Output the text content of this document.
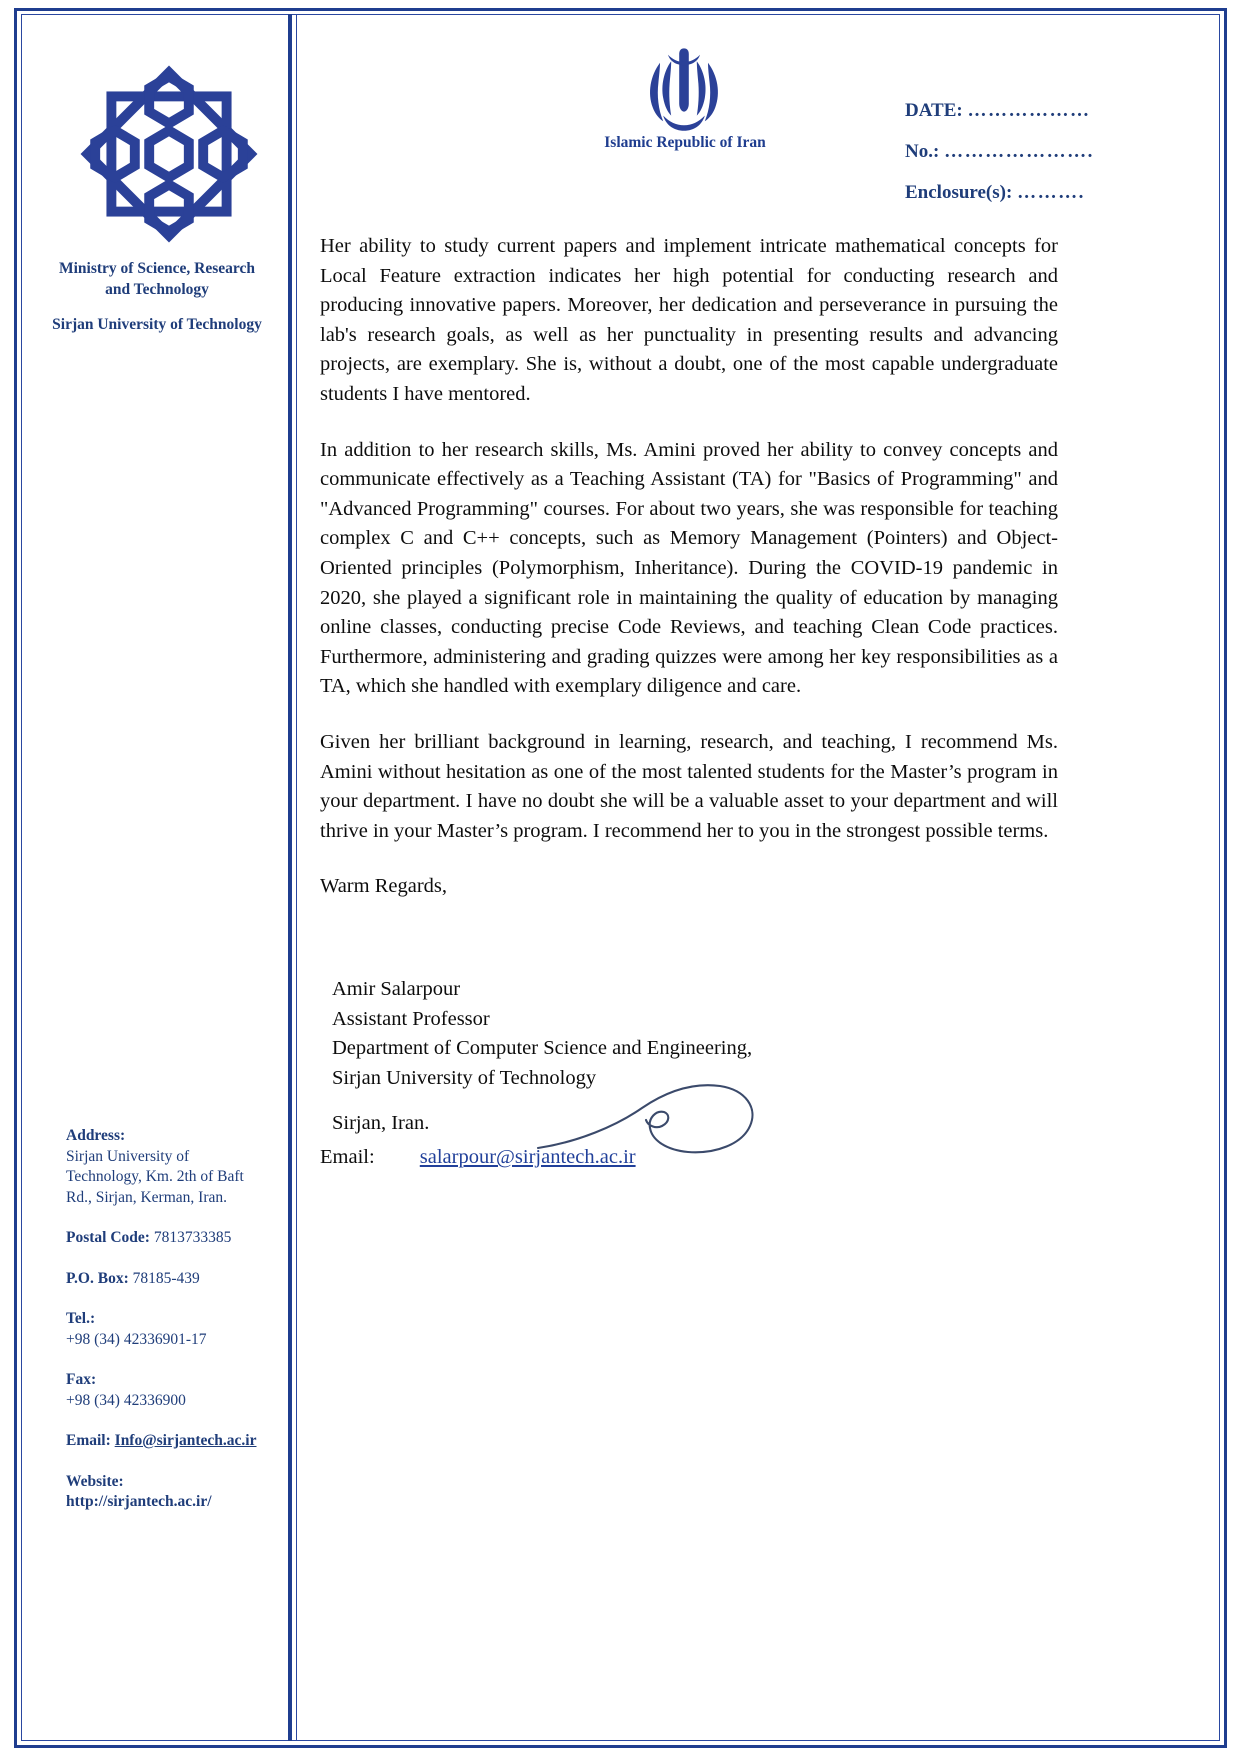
Ministry of Science, Research
and Technology
Sirjan University of Technology
Address:
Sirjan University of
Technology, Km. 2th of Baft
Rd., Sirjan, Kerman, Iran.
Postal Code: 7813733385
P.O. Box: 78185-439
Tel.:
+98 (34) 42336901-17
Fax:
+98 (34) 42336900
Email: Info@sirjantech.ac.ir
Website:
http://sirjantech.ac.ir/
Islamic Republic of Iran
DATE: ………………
No.: ………………….
Enclosure(s): ……….

Her ability to study current papers and implement intricate mathematical concepts for Local Feature extraction indicates her high potential for conducting research and producing innovative papers. Moreover, her dedication and perseverance in pursuing the lab's research goals, as well as her punctuality in presenting results and advancing projects, are exemplary. She is, without a doubt, one of the most capable undergraduate students I have mentored.

In addition to her research skills, Ms. Amini proved her ability to convey concepts and communicate effectively as a Teaching Assistant (TA) for "Basics of Programming" and "Advanced Programming" courses. For about two years, she was responsible for teaching complex C and C++ concepts, such as Memory Management (Pointers) and Object-Oriented principles (Polymorphism, Inheritance). During the COVID-19 pandemic in 2020, she played a significant role in maintaining the quality of education by managing online classes, conducting precise Code Reviews, and teaching Clean Code practices. Furthermore, administering and grading quizzes were among her key responsibilities as a TA, which she handled with exemplary diligence and care.

Given her brilliant background in learning, research, and teaching, I recommend Ms. Amini without hesitation as one of the most talented students for the Master’s program in your department. I have no doubt she will be a valuable asset to your department and will thrive in your Master’s program. I recommend her to you in the strongest possible terms.

Warm Regards,

Amir Salarpour
Assistant Professor
Department of Computer Science and Engineering,
Sirjan University of Technology
Sirjan, Iran.
Email: salarpour@sirjantech.ac.ir
